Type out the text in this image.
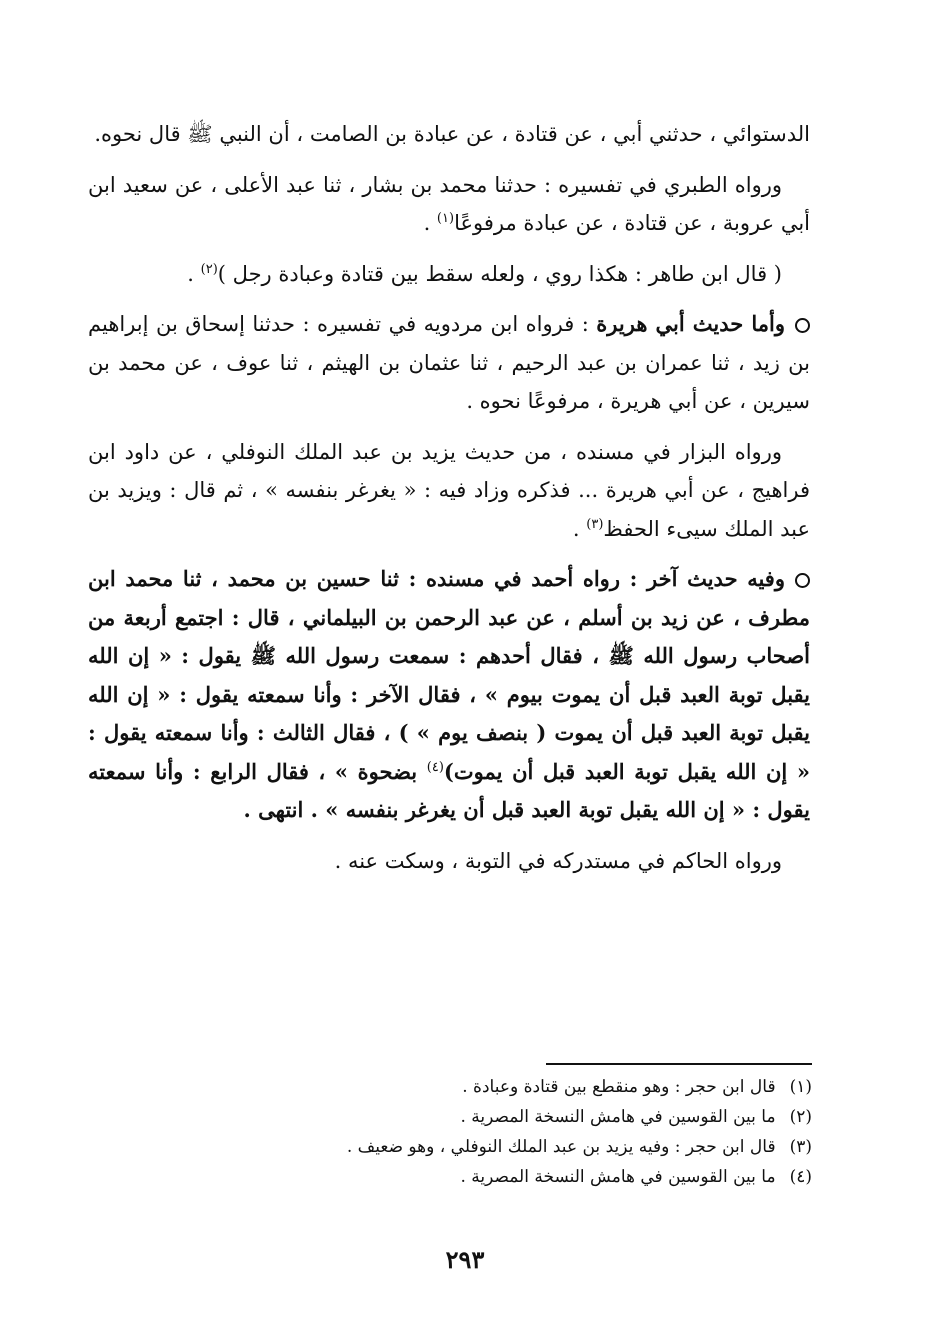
الدستوائي ، حدثني أبي ، عن قتادة ، عن عبادة بن الصامت ، أن النبي ﷺ قال نحوه.

ورواه الطبري في تفسيره : حدثنا محمد بن بشار ، ثنا عبد الأعلى ، عن سعيد ابن أبي عروبة ، عن قتادة ، عن عبادة مرفوعًا$^{(١)}$ .

( قال ابن طاهر : هكذا روي ، ولعله سقط بين قتادة وعبادة رجل )$^{(٢)}$ .

وأما حديث أبي هريرة : فرواه ابن مردويه في تفسيره : حدثنا إسحاق بن إبراهيم بن زيد ، ثنا عمران بن عبد الرحيم ، ثنا عثمان بن الهيثم ، ثنا عوف ، عن محمد بن سيرين ، عن أبي هريرة ، مرفوعًا نحوه .

ورواه البزار في مسنده ، من حديث يزيد بن عبد الملك النوفلي ، عن داود ابن فراهيج ، عن أبي هريرة ... فذكره وزاد فيه : « يغرغر بنفسه » ، ثم قال : ويزيد بن عبد الملك سيىء الحفظ$^{(٣)}$ .

وفيه حديث آخر : رواه أحمد في مسنده : ثنا حسين بن محمد ، ثنا محمد ابن مطرف ، عن زيد بن أسلم ، عن عبد الرحمن بن البيلماني ، قال : اجتمع أربعة من أصحاب رسول الله ﷺ ، فقال أحدهم : سمعت رسول الله ﷺ يقول : « إن الله يقبل توبة العبد قبل أن يموت بيوم » ، فقال الآخر : وأنا سمعته يقول : « إن الله يقبل توبة العبد قبل أن يموت ( بنصف يوم » ) ، فقال الثالث : وأنا سمعته يقول : « إن الله يقبل توبة العبد قبل أن يموت)$^{(٤)}$ بضحوة » ، فقال الرابع : وأنا سمعته يقول : « إن الله يقبل توبة العبد قبل أن يغرغر بنفسه » . انتهى .

ورواه الحاكم في مستدركه في التوبة ، وسكت عنه .

(١)قال ابن حجر : وهو منقطع بين قتادة وعبادة .
(٢)ما بين القوسين في هامش النسخة المصرية .
(٣)قال ابن حجر : وفيه يزيد بن عبد الملك النوفلي ، وهو ضعيف .
(٤)ما بين القوسين في هامش النسخة المصرية .
٢٩٣
